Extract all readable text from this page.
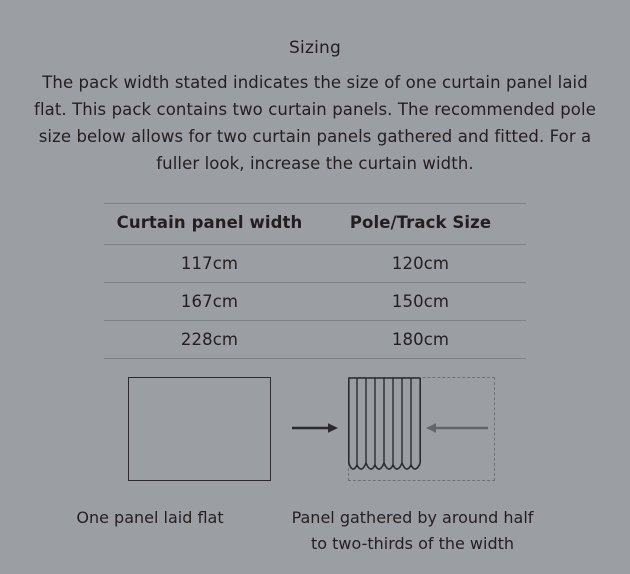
Sizing
The pack width stated indicates the size of one curtain panel laid flat. This pack contains two curtain panels. The recommended pole size below allows for two curtain panels gathered and fitted. For a fuller look, increase the curtain width.
Curtain panel width	Pole/Track Size
117cm	120cm
167cm	150cm
228cm	180cm
One panel laid flat	Panel gathered by around half
to two-thirds of the width
